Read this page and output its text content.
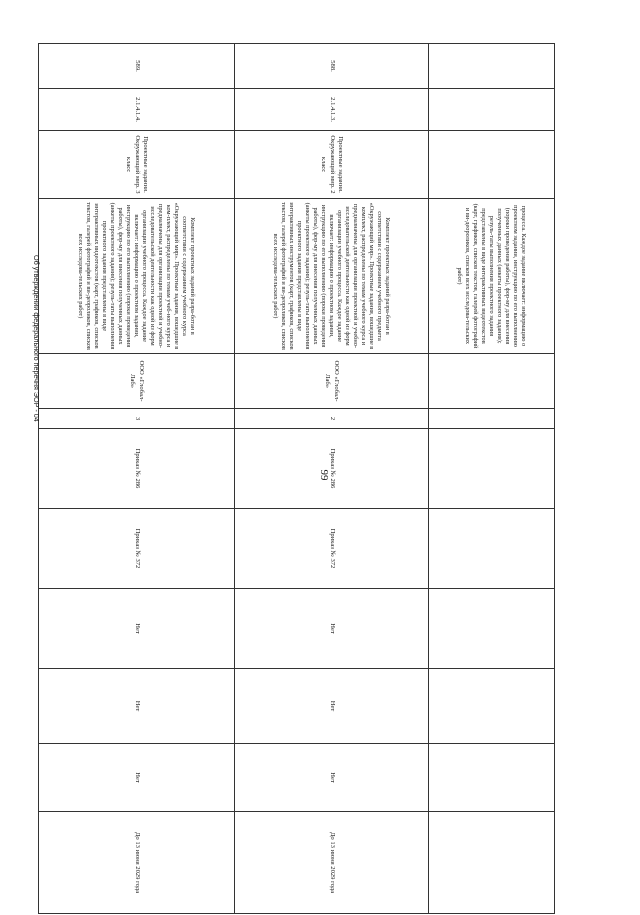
99
			процесса. Каждое задание включает: информацию о проектном задании, инструкцию по его выполнению (пороки проведения работы), фор-му для внесения полученных данных (анкеты проектного задания); резуль-таты выполнения проектного задания представлены в виде интерактивных видеотекстов (карт, графиков, списков текстов, галерей фотографий и ви-деороликов, списков всех исследова-тельских работ)								
588.	2.1.4.1.3.	Проектные задания. Окружающий мир. 2 класс	Комплект проектных заданий разра-ботан в соответствии с содержанием учебного предмета «Окружающий мир». Проектные задания, вошедшие в комплект, распределены по темам учебного курса и предназначены для организации проектной и учебно-исследовательской деятельности как одной из форм организации учебного процесса. Каждое задание включает: информацию о проектном задании, инструкцию по его выполнению (пороки проведения работы), фор-му для внесения полученных данных (анкеты проектного задания); резуль-таты выполнения проектного задания представлены в виде интерактивных инструментов (карт, графиков, списков текстов, галерей фотографий и ви-деороликов, списков всех исследова-тельских работ)	ООО «Глобал-Лаб»	2	Приказ № 286	Приказ № 372	Нет	Нет	Нет	До 13 июня 2029 года
589.	2.1.4.1.4.	Проектные задания. Окружающий мир. 3 класс	Комплект проектных заданий разра-ботан в соответствии с содержанием учебного курса «Окружающий мир». Проектные задания, вошедшие в ком-плект, распределены по темам учеб-ного курса и предназначены для организации проектной и учебно-исследовательской деятельности как одной из форм организации учебного процесса. Каждое задание включает: информацию о проектном задании, инструкцию по его выполнению (пороки проведения работы), фор-му для внесения полученных данных (анкеты проектного задания); резуль-таты выполнения проектного задания представлены в виде интерактивных видеотекстов (карт, графиков, списков текстов, галерей фотографий и ви-деороликов, списков всех исследова-тельских работ)	ООО «Глобал-Лаб»	3	Приказ № 286	Приказ № 372	Нет	Нет	Нет	До 13 июня 2029 года
Об утверждении федерального перечня ЭОР - 04
